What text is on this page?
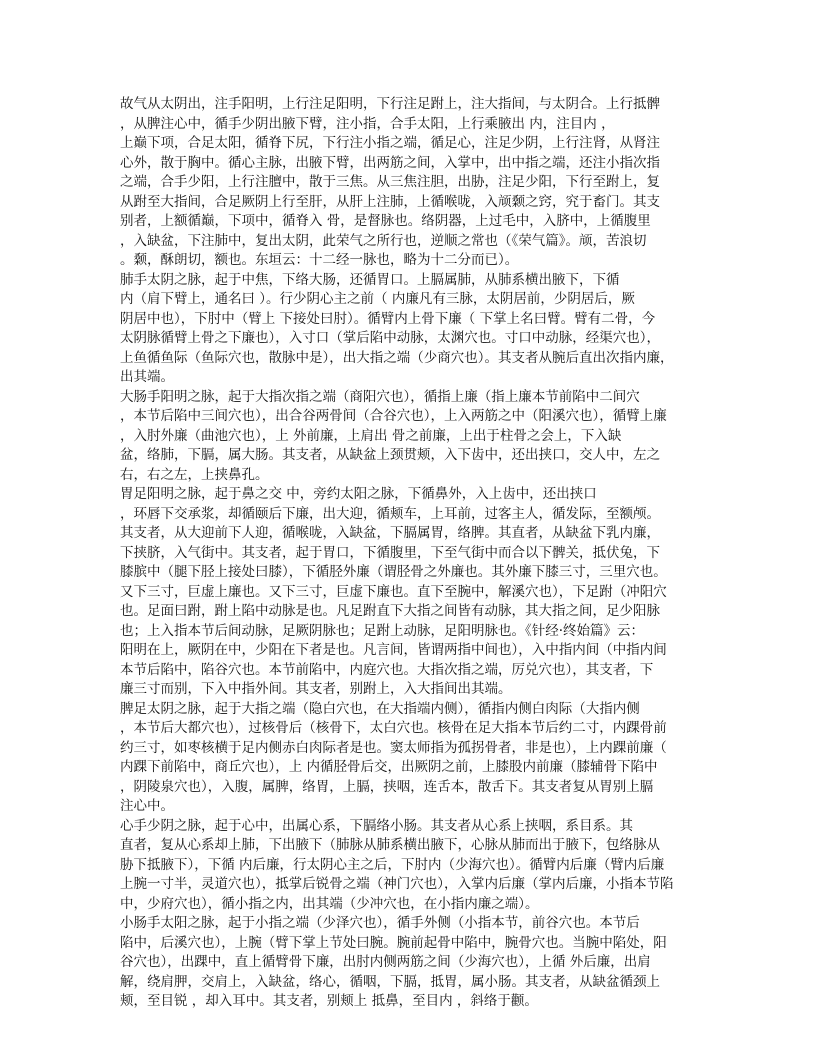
故气从太阴出，注手阳明，上行注足阳明，下行注足跗上，注大指间，与太阴合。上行抵髀
，从脾注心中，循手少阴出腋下臂，注小指，合手太阳，上行乘腋出 内，注目内 ，
上巅下项，合足太阳，循脊下尻，下行注小指之端，循足心，注足少阴，上行注肾，从肾注
心外，散于胸中。循心主脉，出腋下臂，出两筋之间，入掌中，出中指之端，还注小指次指
之端，合手少阳，上行注膻中，散于三焦。从三焦注胆，出胁，注足少阳，下行至跗上，复
从跗至大指间，合足厥阴上行至肝，从肝上注肺，上循喉咙，入颃颡之窍，究于畜门。其支
别者，上额循巅，下项中，循脊入 骨，是督脉也。络阴器，上过毛中，入脐中，上循腹里
，入缺盆，下注肺中，复出太阴，此荣气之所行也，逆顺之常也（《荣气篇》。颃，苦浪切
。颡，酥朗切，额也。东垣云：十二经一脉也，略为十二分而已）。
肺手太阴之脉，起于中焦，下络大肠，还循胃口。上膈属肺，从肺系横出腋下，下循
内（肩下臂上，通名曰 ）。行少阴心主之前（ 内廉凡有三脉，太阴居前，少阴居后，厥
阴居中也），下肘中（臂上 下接处曰肘）。循臂内上骨下廉（ 下掌上名曰臂。臂有二骨，今
太阴脉循臂上骨之下廉也），入寸口（掌后陷中动脉，太渊穴也。寸口中动脉，经渠穴也），
上鱼循鱼际（鱼际穴也，散脉中是），出大指之端（少商穴也）。其支者从腕后直出次指内廉，
出其端。
大肠手阳明之脉，起于大指次指之端（商阳穴也），循指上廉（指上廉本节前陷中二间穴
，本节后陷中三间穴也），出合谷两骨间（合谷穴也），上入两筋之中（阳溪穴也），循臂上廉
，入肘外廉（曲池穴也），上 外前廉，上肩出 骨之前廉，上出于柱骨之会上，下入缺
盆，络肺，下膈，属大肠。其支者，从缺盆上颈贯颊，入下齿中，还出挟口，交人中，左之
右，右之左，上挟鼻孔。
胃足阳明之脉，起于鼻之交 中，旁约太阳之脉，下循鼻外，入上齿中，还出挟口
，环唇下交承浆，却循颐后下廉，出大迎，循颊车，上耳前，过客主人，循发际，至额颅。
其支者，从大迎前下人迎，循喉咙，入缺盆，下膈属胃，络脾。其直者，从缺盆下乳内廉，
下挟脐，入气街中。其支者，起于胃口，下循腹里，下至气街中而合以下髀关，抵伏兔，下
膝膑中（腿下胫上接处曰膝），下循胫外廉（谓胫骨之外廉也。其外廉下膝三寸，三里穴也。
又下三寸，巨虚上廉也。又下三寸，巨虚下廉也。直下至腕中，解溪穴也），下足跗（冲阳穴
也。足面曰跗，跗上陷中动脉是也。凡足跗直下大指之间皆有动脉，其大指之间，足少阳脉
也；上入指本节后间动脉，足厥阴脉也；足跗上动脉，足阳明脉也。《针经·终始篇》云：
阳明在上，厥阴在中，少阳在下者是也。凡言间，皆谓两指中间也），入中指内间（中指内间
本节后陷中，陷谷穴也。本节前陷中，内庭穴也。大指次指之端，厉兑穴也），其支者，下
廉三寸而别，下入中指外间。其支者，别跗上，入大指间出其端。
脾足太阴之脉，起于大指之端（隐白穴也，在大指端内侧），循指内侧白肉际（大指内侧
，本节后大都穴也），过核骨后（核骨下，太白穴也。核骨在足大指本节后约二寸，内踝骨前
约三寸，如枣核横于足内侧赤白肉际者是也。窦太师指为孤拐骨者，非是也），上内踝前廉（
内踝下前陷中，商丘穴也），上 内循胫骨后交，出厥阴之前，上膝股内前廉（膝辅骨下陷中
，阴陵泉穴也），入腹，属脾，络胃，上膈，挟咽，连舌本，散舌下。其支者复从胃别上膈
注心中。
心手少阴之脉，起于心中，出属心系，下膈络小肠。其支者从心系上挟咽，系目系。其
直者，复从心系却上肺，下出腋下（肺脉从肺系横出腋下，心脉从肺而出于腋下，包络脉从
胁下抵腋下），下循 内后廉，行太阴心主之后，下肘内（少海穴也）。循臂内后廉（臂内后廉
上腕一寸半，灵道穴也），抵掌后锐骨之端（神门穴也），入掌内后廉（掌内后廉，小指本节陷
中，少府穴也），循小指之内，出其端（少冲穴也，在小指内廉之端）。
小肠手太阳之脉，起于小指之端（少泽穴也），循手外侧（小指本节，前谷穴也。本节后
陷中，后溪穴也），上腕（臂下掌上节处曰腕。腕前起骨中陷中，腕骨穴也。当腕中陷处，阳
谷穴也），出踝中，直上循臂骨下廉，出肘内侧两筋之间（少海穴也），上循 外后廉，出肩
解，绕肩胛，交肩上，入缺盆，络心，循咽，下膈，抵胃，属小肠。其支者，从缺盆循颈上
颊，至目锐 ，却入耳中。其支者，别颊上 抵鼻，至目内 ，斜络于颧。
